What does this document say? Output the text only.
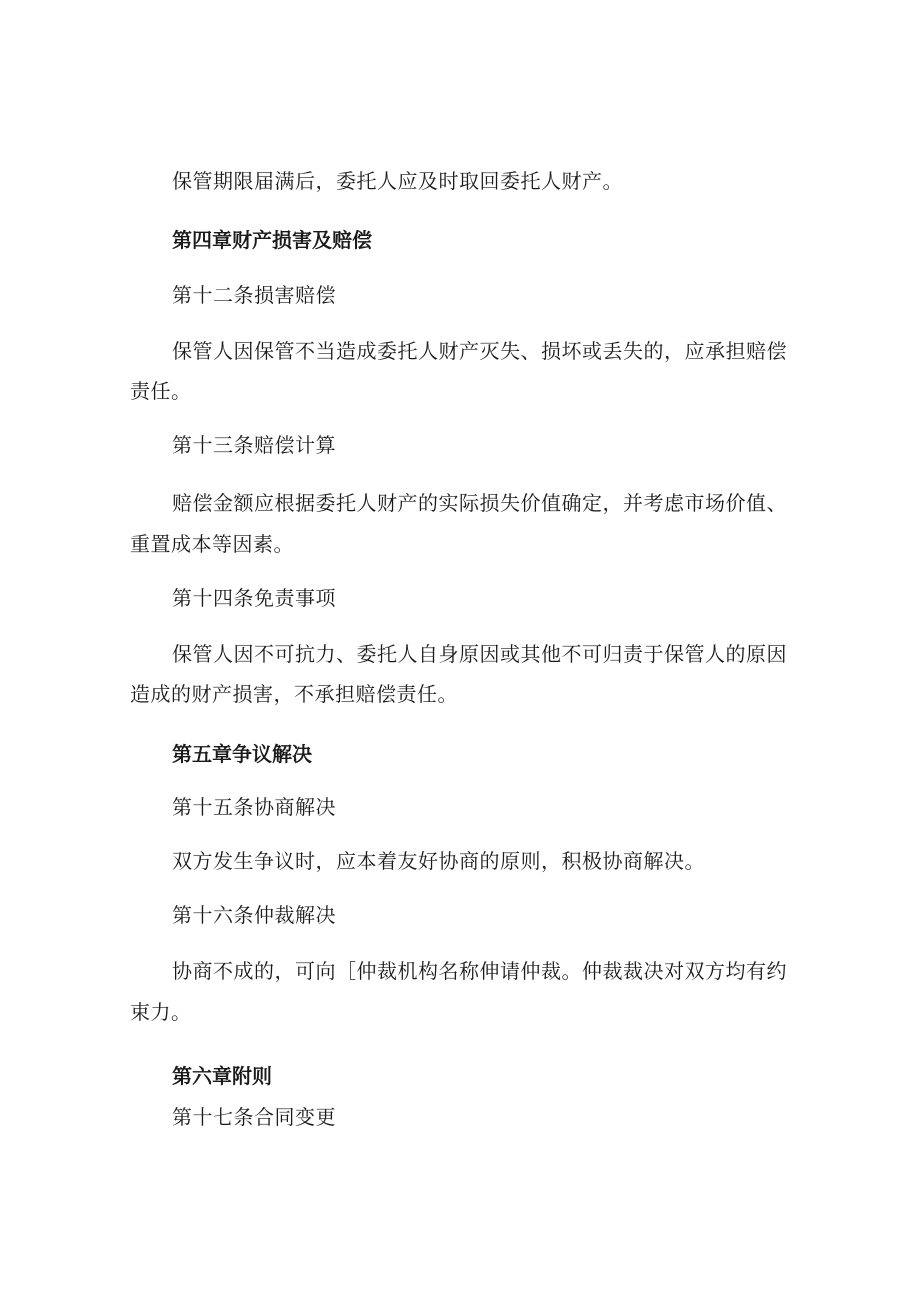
保管期限届满后，委托人应及时取回委托人财产。
第四章财产损害及赔偿
第十二条损害赔偿
保管人因保管不当造成委托人财产灭失、损坏或丢失的，应承担赔偿
责任。
第十三条赔偿计算
赔偿金额应根据委托人财产的实际损失价值确定，并考虑市场价值、
重置成本等因素。
第十四条免责事项
保管人因不可抗力、委托人自身原因或其他不可归责于保管人的原因
造成的财产损害，不承担赔偿责任。
第五章争议解决
第十五条协商解决
双方发生争议时，应本着友好协商的原则，积极协商解决。
第十六条仲裁解决
协商不成的，可向［仲裁机构名称伸请仲裁。仲裁裁决对双方均有约
束力。
第六章附则
第十七条合同变更
